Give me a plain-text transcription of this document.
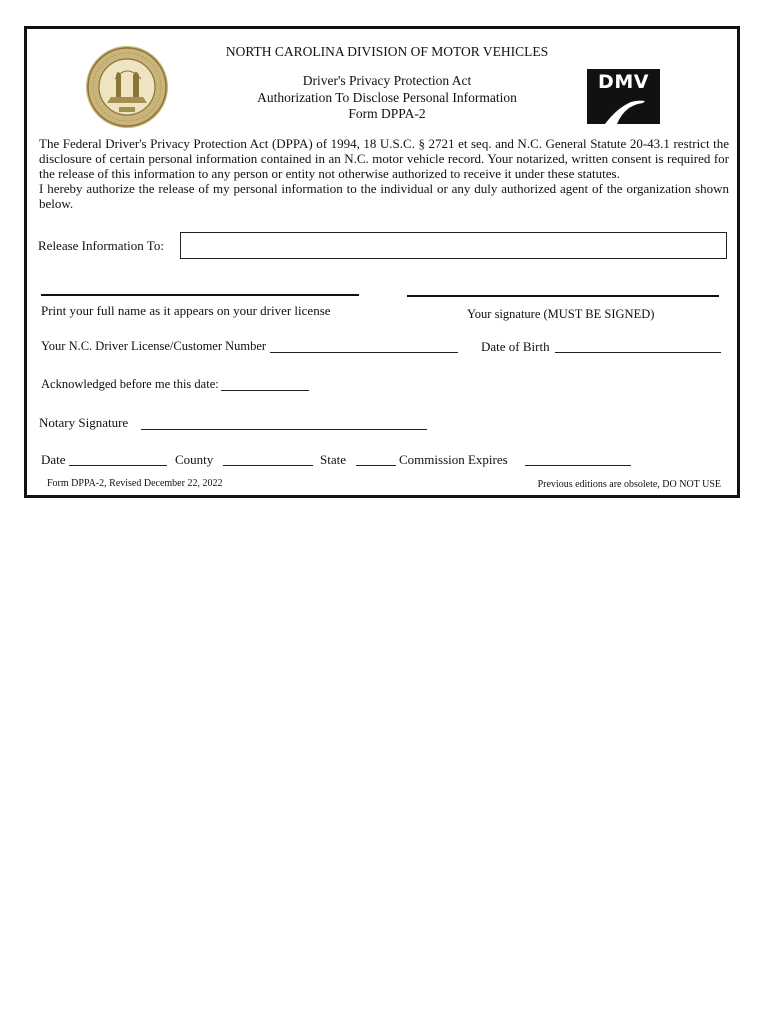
NORTH CAROLINA DIVISION OF MOTOR VEHICLES
Driver's Privacy Protection Act
Authorization To Disclose Personal Information
Form DPPA-2
DMV

The Federal Driver's Privacy Protection Act (DPPA) of 1994, 18 U.S.C. § 2721 et seq. and N.C. General Statute 20-43.1 restrict the disclosure of certain personal information contained in an N.C. motor vehicle record. Your notarized, written consent is required for the release of this information to any person or entity not otherwise authorized to receive it under these statutes.

I hereby authorize the release of my personal information to the individual or any duly authorized agent of the organization shown below.

Release Information To:
Print your full name as it appears on your driver license	Your signature (MUST BE SIGNED)
Your N.C. Driver License/Customer Number	Date of Birth
Acknowledged before me this date:
Notary Signature
Date	County	State	Commission Expires
Form DPPA-2, Revised December 22, 2022	Previous editions are obsolete, DO NOT USE
